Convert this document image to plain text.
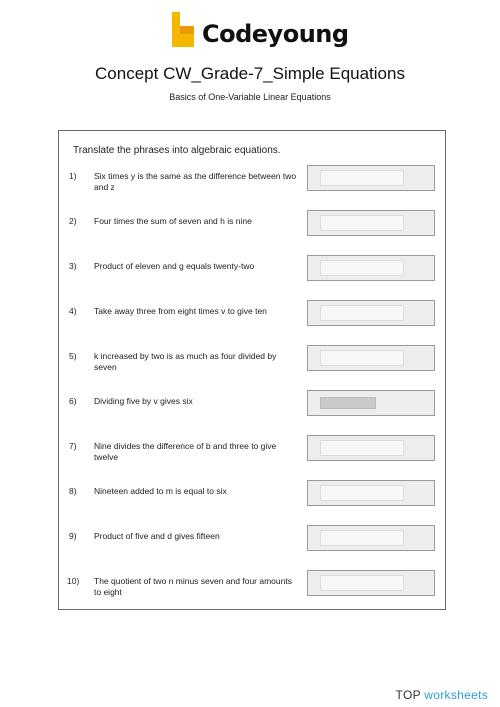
Codeyoung
Concept CW_Grade-7_Simple Equations
Basics of One-Variable Linear Equations
Translate the phrases into algebraic equations.
1) Six times y is the same as the difference between two and z
2) Four times the sum of seven and h is nine
3) Product of eleven and g equals twenty-two
4) Take away three from eight times v to give ten
5) k increased by two is as much as four divided by seven
6) Dividing five by v gives six
7) Nine divides the difference of b and three to give twelve
8) Nineteen added to m is equal to six
9) Product of five and d gives fifteen
10) The quotient of two n minus seven and four amounts to eight
TOP worksheets
